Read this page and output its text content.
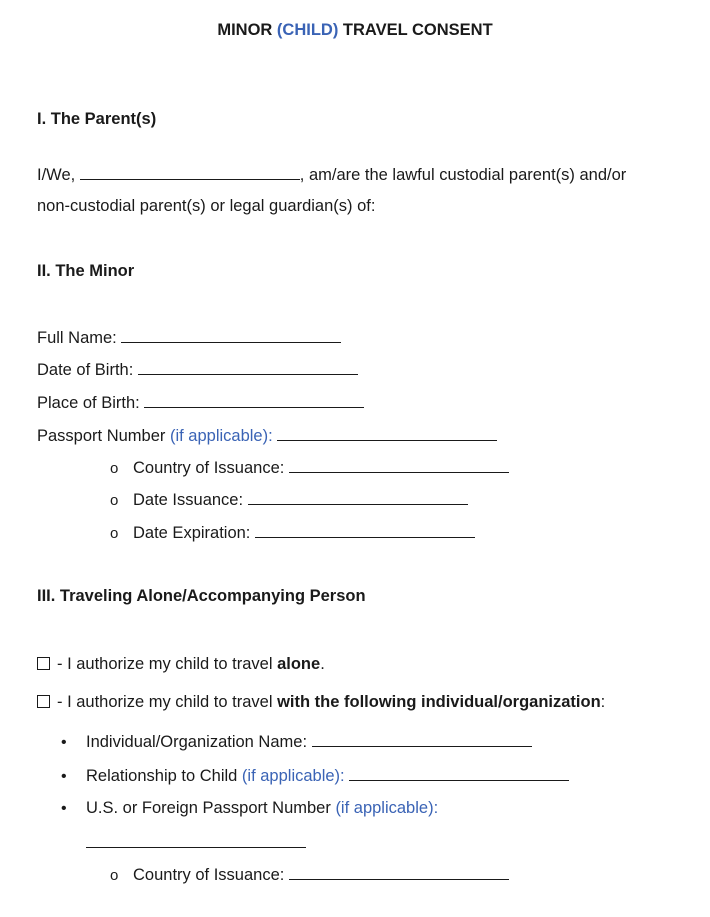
MINOR (CHILD) TRAVEL CONSENT
I. The Parent(s)
I/We,	, am/are the lawful custodial parent(s) and/or
non-custodial parent(s) or legal guardian(s) of:
II. The Minor
Full Name:
Date of Birth:
Place of Birth:
Passport Number (if applicable):
o Country of Issuance:
o Date Issuance:
o Date Expiration:
III. Traveling Alone/Accompanying Person
- I authorize my child to travel alone.
- I authorize my child to travel with the following individual/organization:
• Individual/Organization Name:
• Relationship to Child (if applicable):
• U.S. or Foreign Passport Number (if applicable):
o Country of Issuance:
